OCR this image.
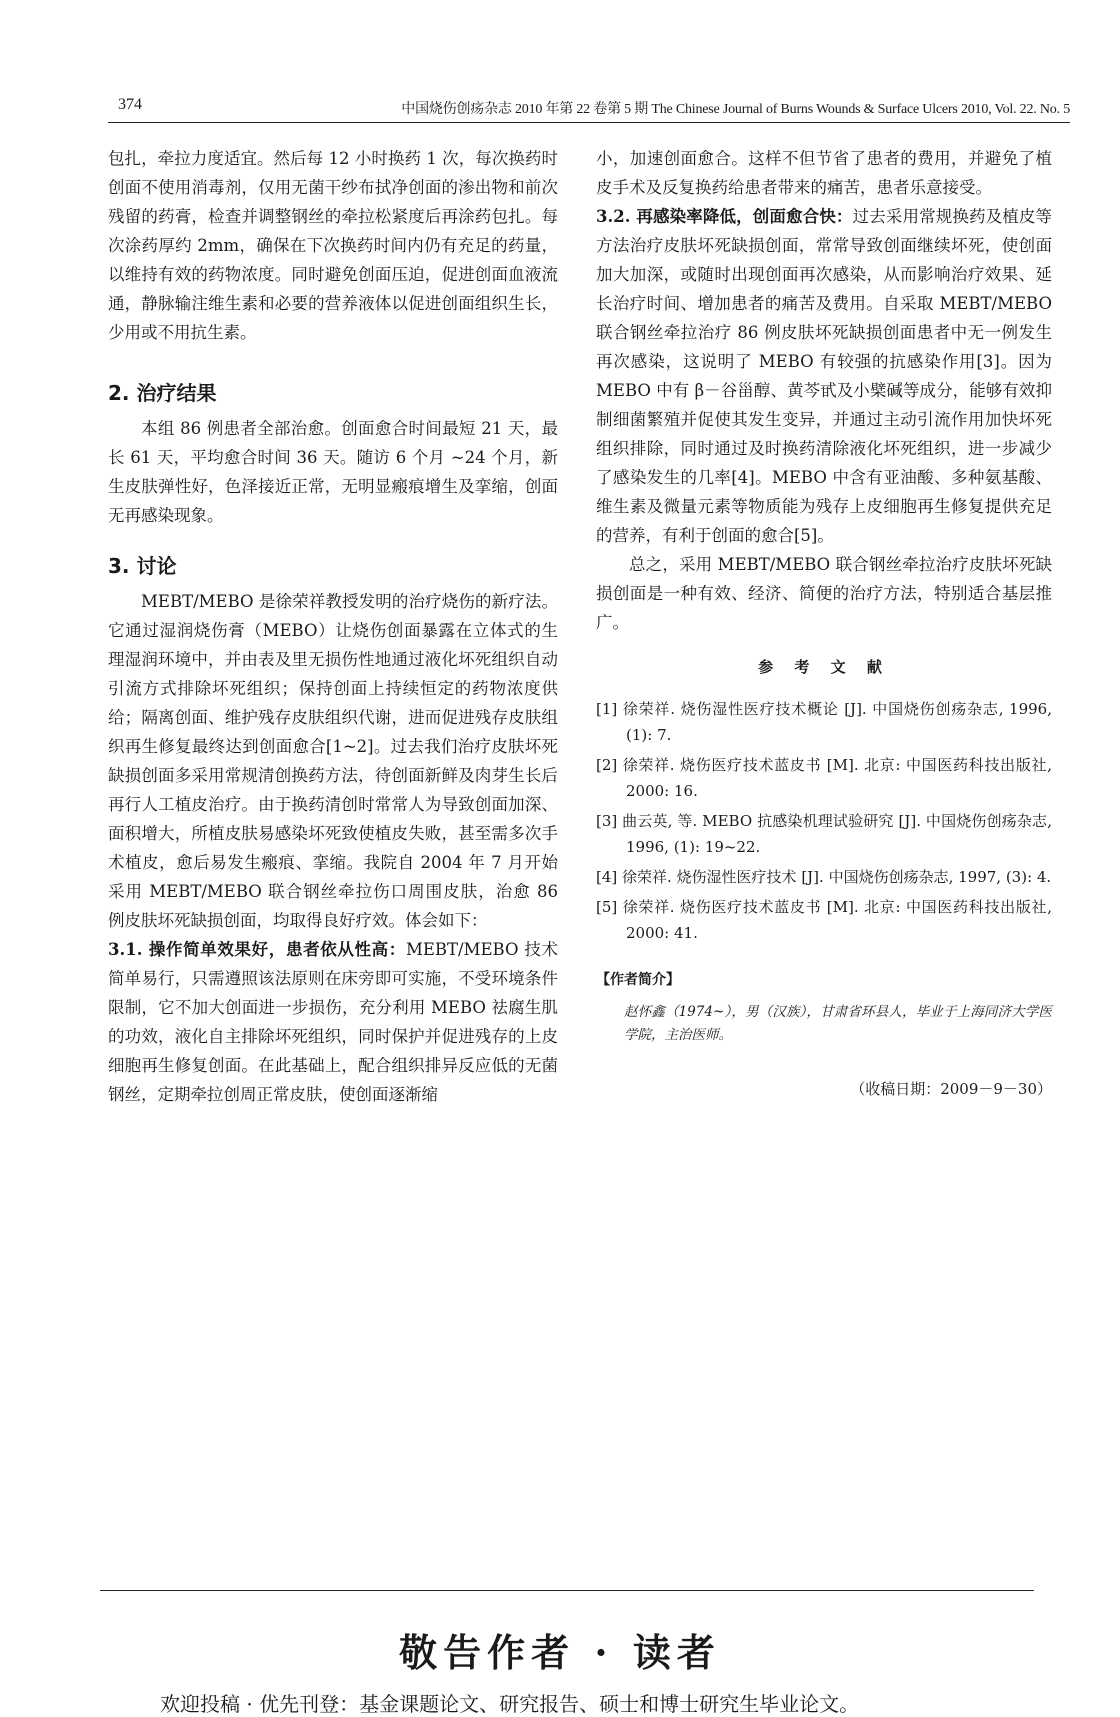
374	中国烧伤创疡杂志 2010 年第 22 卷第 5 期 The Chinese Journal of Burns Wounds & Surface Ulcers 2010, Vol. 22. No. 5

包扎，牵拉力度适宜。然后每 12 小时换药 1 次，每次换药时创面不使用消毒剂，仅用无菌干纱布拭净创面的渗出物和前次残留的药膏，检查并调整钢丝的牵拉松紧度后再涂药包扎。每次涂药厚约 2mm，确保在下次换药时间内仍有充足的药量，以维持有效的药物浓度。同时避免创面压迫，促进创面血液流通，静脉输注维生素和必要的营养液体以促进创面组织生长，少用或不用抗生素。

2. 治疗结果

本组 86 例患者全部治愈。创面愈合时间最短 21 天，最长 61 天，平均愈合时间 36 天。随访 6 个月 ~24 个月，新生皮肤弹性好，色泽接近正常，无明显瘢痕增生及挛缩，创面无再感染现象。

3. 讨论

MEBT/MEBO 是徐荣祥教授发明的治疗烧伤的新疗法。它通过湿润烧伤膏（MEBO）让烧伤创面暴露在立体式的生理湿润环境中，并由表及里无损伤性地通过液化坏死组织自动引流方式排除坏死组织；保持创面上持续恒定的药物浓度供给；隔离创面、维护残存皮肤组织代谢，进而促进残存皮肤组织再生修复最终达到创面愈合[1~2]。过去我们治疗皮肤坏死缺损创面多采用常规清创换药方法，待创面新鲜及肉芽生长后再行人工植皮治疗。由于换药清创时常常人为导致创面加深、面积增大，所植皮肤易感染坏死致使植皮失败，甚至需多次手术植皮，愈后易发生瘢痕、挛缩。我院自 2004 年 7 月开始采用 MEBT/MEBO 联合钢丝牵拉伤口周围皮肤，治愈 86 例皮肤坏死缺损创面，均取得良好疗效。体会如下：

3.1. 操作简单效果好，患者依从性高：MEBT/MEBO 技术简单易行，只需遵照该法原则在床旁即可实施，不受环境条件限制，它不加大创面进一步损伤，充分利用 MEBO 祛腐生肌的功效，液化自主排除坏死组织，同时保护并促进残存的上皮细胞再生修复创面。在此基础上，配合组织排异反应低的无菌钢丝，定期牵拉创周正常皮肤，使创面逐渐缩

小，加速创面愈合。这样不但节省了患者的费用，并避免了植皮手术及反复换药给患者带来的痛苦，患者乐意接受。

3.2. 再感染率降低，创面愈合快：过去采用常规换药及植皮等方法治疗皮肤坏死缺损创面，常常导致创面继续坏死，使创面加大加深，或随时出现创面再次感染，从而影响治疗效果、延长治疗时间、增加患者的痛苦及费用。自采取 MEBT/MEBO 联合钢丝牵拉治疗 86 例皮肤坏死缺损创面患者中无一例发生再次感染，这说明了 MEBO 有较强的抗感染作用[3]。因为 MEBO 中有 β－谷甾醇、黄芩甙及小檗碱等成分，能够有效抑制细菌繁殖并促使其发生变异，并通过主动引流作用加快坏死组织排除，同时通过及时换药清除液化坏死组织，进一步减少了感染发生的几率[4]。MEBO 中含有亚油酸、多种氨基酸、维生素及微量元素等物质能为残存上皮细胞再生修复提供充足的营养，有利于创面的愈合[5]。

总之，采用 MEBT/MEBO 联合钢丝牵拉治疗皮肤坏死缺损创面是一种有效、经济、简便的治疗方法，特别适合基层推广。

参 考 文 献
[1] 徐荣祥. 烧伤湿性医疗技术概论 [J]. 中国烧伤创疡杂志, 1996, (1): 7.
[2] 徐荣祥. 烧伤医疗技术蓝皮书 [M]. 北京: 中国医药科技出版社, 2000: 16.
[3] 曲云英, 等. MEBO 抗感染机理试验研究 [J]. 中国烧伤创疡杂志, 1996, (1): 19~22.
[4] 徐荣祥. 烧伤湿性医疗技术 [J]. 中国烧伤创疡杂志, 1997, (3): 4.
[5] 徐荣祥. 烧伤医疗技术蓝皮书 [M]. 北京: 中国医药科技出版社, 2000: 41.
【作者简介】
赵怀鑫（1974~），男（汉族），甘肃省环县人，毕业于上海同济大学医学院，主治医师。
（收稿日期：2009－9－30）
敬告作者 · 读者
欢迎投稿 · 优先刊登：基金课题论文、研究报告、硕士和博士研究生毕业论文。
